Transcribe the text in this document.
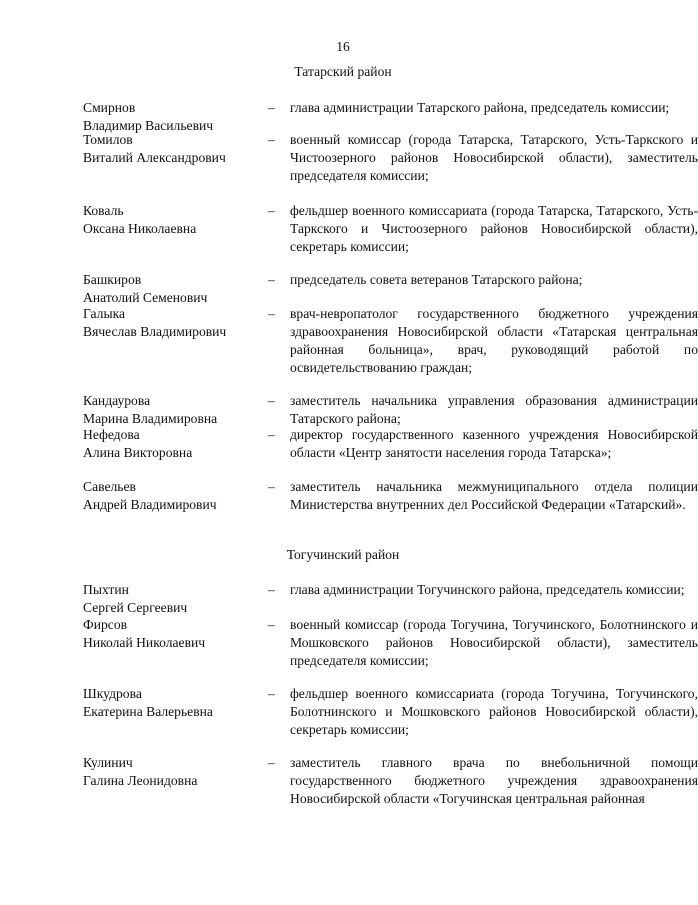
16
Татарский район
Смирнов
Владимир Васильевич
– глава администрации Татарского района, председатель комиссии;
Томилов
Виталий Александрович
– военный комиссар (города Татарска, Татарского, Усть-Таркского и Чистоозерного районов Новосибирской области), заместитель председателя комиссии;
Коваль
Оксана Николаевна
– фельдшер военного комиссариата (города Татарска, Татарского, Усть-Таркского и Чистоозерного районов Новосибирской области), секретарь комиссии;
Башкиров
Анатолий Семенович
– председатель совета ветеранов Татарского района;
Галыка
Вячеслав Владимирович
– врач-невропатолог государственного бюджетного учреждения здравоохранения Новосибирской области «Татарская центральная районная больница», врач, руководящий работой по освидетельствованию граждан;
Кандаурова
Марина Владимировна
– заместитель начальника управления образования администрации Татарского района;
Нефедова
Алина Викторовна
– директор государственного казенного учреждения Новосибирской области «Центр занятости населения города Татарска»;
Савельев
Андрей Владимирович
– заместитель начальника межмуниципального отдела полиции Министерства внутренних дел Российской Федерации «Татарский».
Тогучинский район
Пыхтин
Сергей Сергеевич
– глава администрации Тогучинского района, председатель комиссии;
Фирсов
Николай Николаевич
– военный комиссар (города Тогучина, Тогучинского, Болотнинского и Мошковского районов Новосибирской области), заместитель председателя комиссии;
Шкудрова
Екатерина Валерьевна
– фельдшер военного комиссариата (города Тогучина, Тогучинского, Болотнинского и Мошковского районов Новосибирской области), секретарь комиссии;
Кулинич
Галина Леонидовна
– заместитель главного врача по внебольничной помощи государственного бюджетного учреждения здравоохранения Новосибирской области «Тогучинская центральная районная
